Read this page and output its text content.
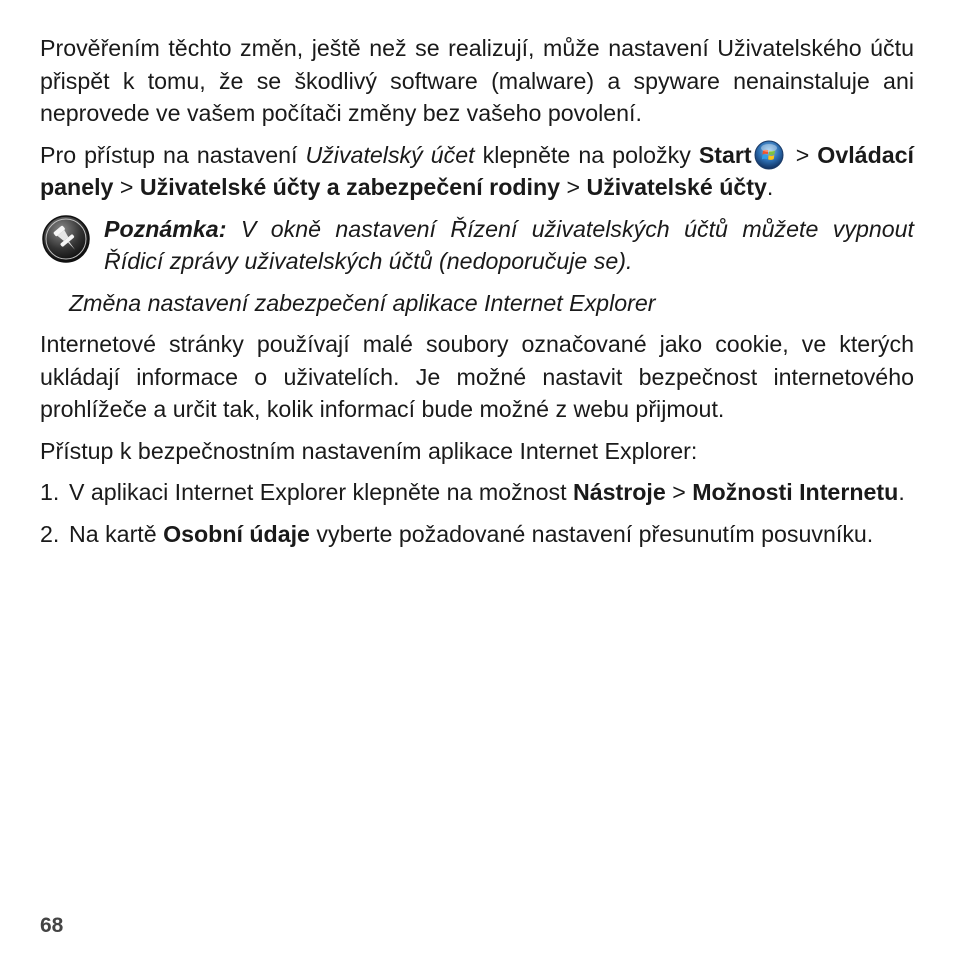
Prověřením těchto změn, ještě než se realizují, může nastavení Uživatelského účtu přispět k tomu, že se škodlivý software (malware) a spyware nenainstaluje ani neprovede ve vašem počítači změny bez vašeho povolení.

Pro přístup na nastavení Uživatelský účet klepněte na položky Start > Ovládací panely > Uživatelské účty a zabezpečení rodiny > Uživatelské účty.

Poznámka: V okně nastavení Řízení uživatelských účtů můžete vypnout Řídicí zprávy uživatelských účtů (nedoporučuje se).
Změna nastavení zabezpečení aplikace Internet Explorer

Internetové stránky používají malé soubory označované jako cookie, ve kterých ukládají informace o uživatelích. Je možné nastavit bezpečnost internetového prohlížeče a určit tak, kolik informací bude možné z webu přijmout.

Přístup k bezpečnostním nastavením aplikace Internet Explorer:

1. V aplikaci Internet Explorer klepněte na možnost Nástroje > Možnosti Internetu.
2. Na kartě Osobní údaje vyberte požadované nastavení přesunutím posuvníku.
68
